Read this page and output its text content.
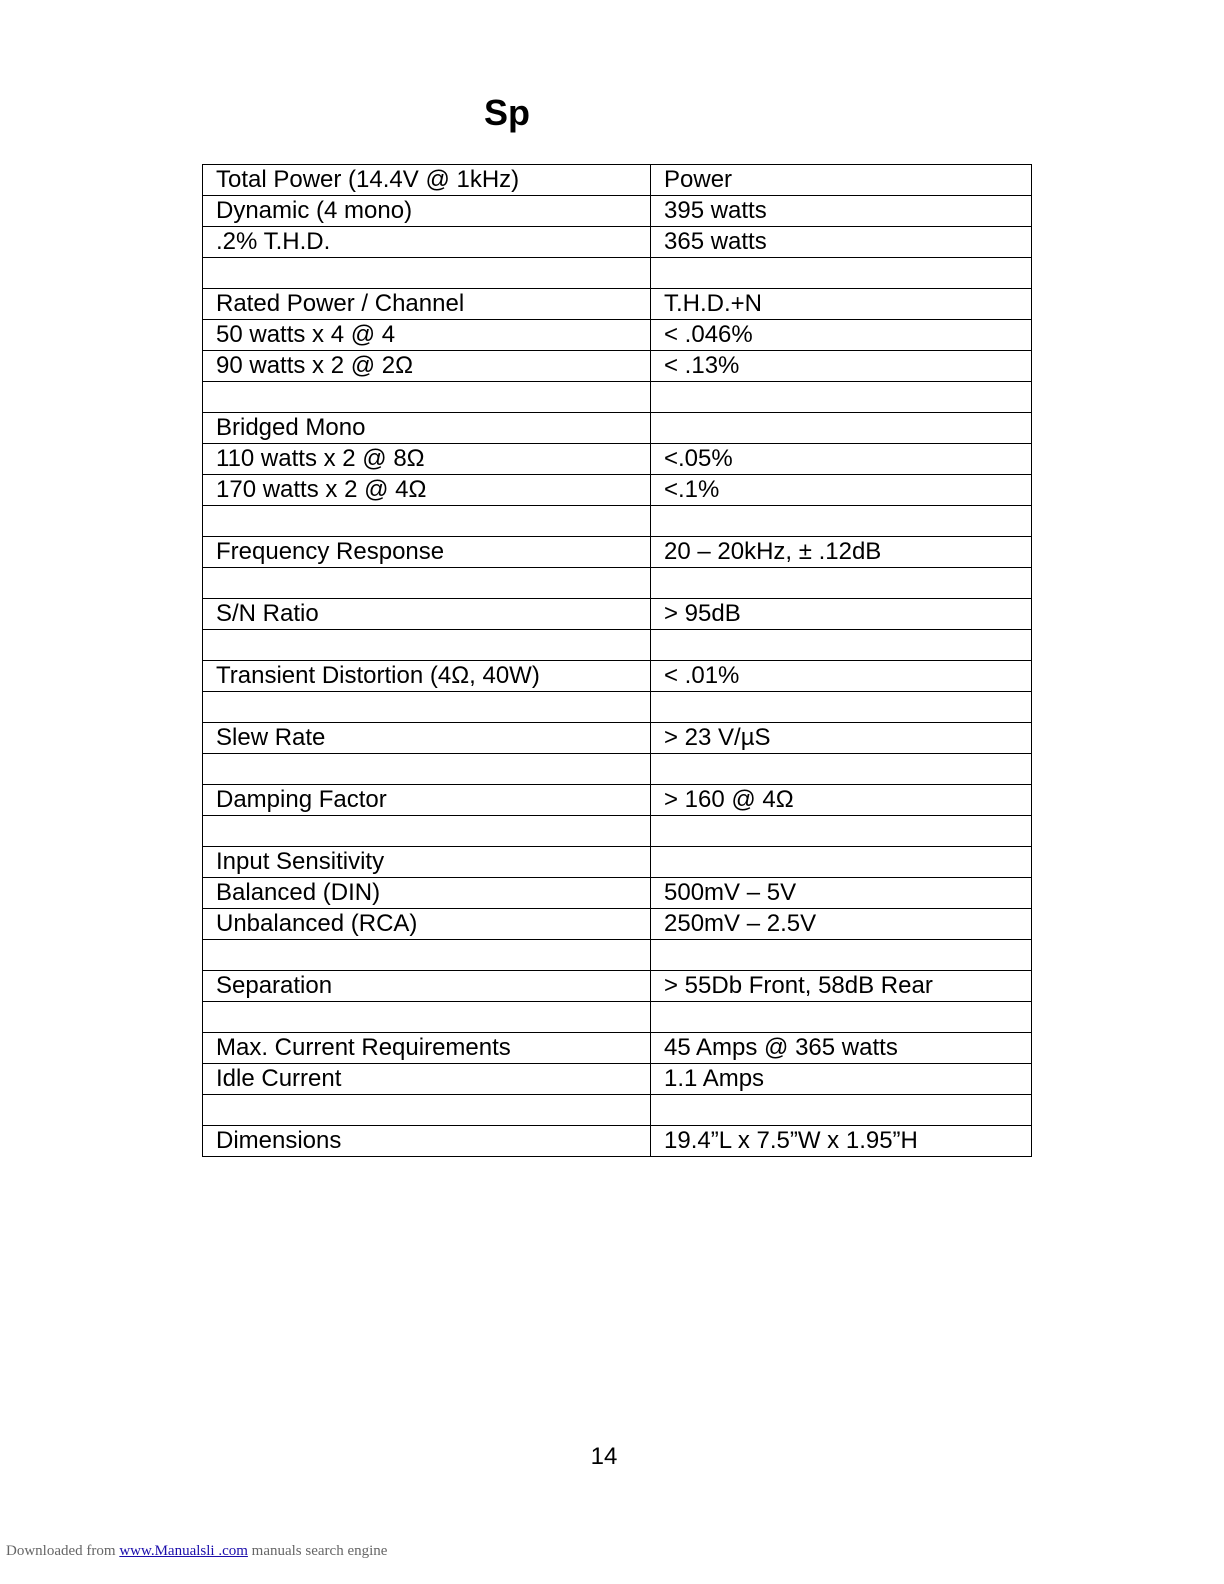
Sp
Total Power (14.4V @ 1kHz)	Power
Dynamic (4 mono)	395 watts
.2% T.H.D.	365 watts

Rated Power / Channel	T.H.D.+N
50 watts x 4 @ 4	< .046%
90 watts x 2 @ 2Ω	< .13%

Bridged Mono	
110 watts x 2 @ 8Ω	<.05%
170 watts x 2 @ 4Ω	<.1%

Frequency Response	20 – 20kHz, ± .12dB

S/N Ratio	> 95dB

Transient Distortion (4Ω, 40W)	< .01%

Slew Rate	> 23 V/µS

Damping Factor	> 160 @ 4Ω

Input Sensitivity	
Balanced (DIN)	500mV – 5V
Unbalanced (RCA)	250mV – 2.5V

Separation	> 55Db Front, 58dB Rear

Max. Current Requirements	45 Amps @ 365 watts
Idle Current	1.1 Amps

Dimensions	19.4”L x 7.5”W x 1.95”H
14
Downloaded from www.Manualsli .com manuals search engine
